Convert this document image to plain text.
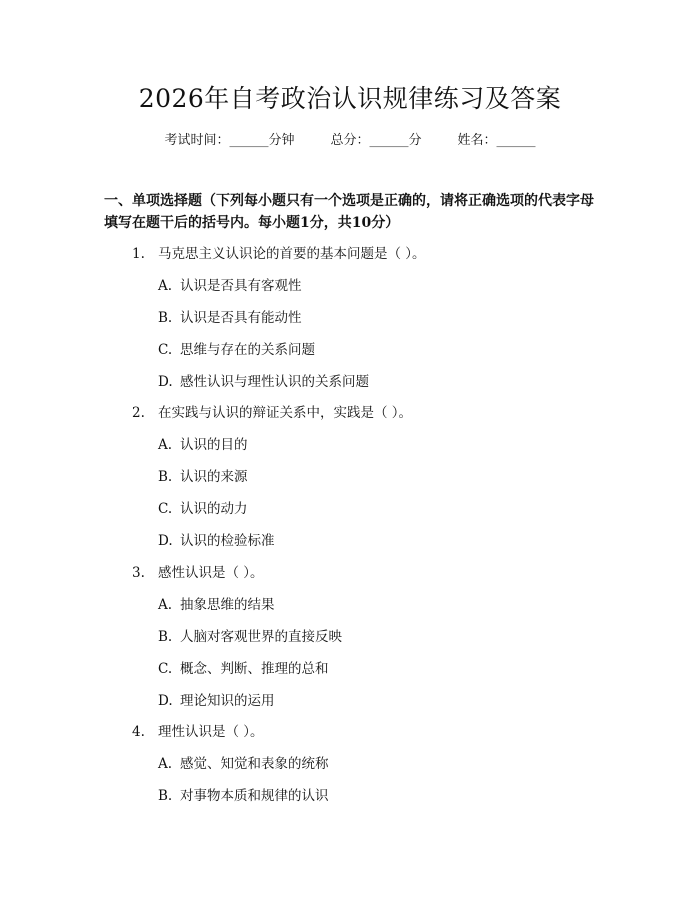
2026年自考政治认识规律练习及答案
考试时间：______分钟	总分：______分	姓名：______
一、单项选择题（下列每小题只有一个选项是正确的，请将正确选项的代表字母填写在题干后的括号内。每小题1分，共10分）
1. 马克思主义认识论的首要的基本问题是（ ）。
A. 认识是否具有客观性
B. 认识是否具有能动性
C. 思维与存在的关系问题
D. 感性认识与理性认识的关系问题
2. 在实践与认识的辩证关系中，实践是（ ）。
A. 认识的目的
B. 认识的来源
C. 认识的动力
D. 认识的检验标准
3. 感性认识是（ ）。
A. 抽象思维的结果
B. 人脑对客观世界的直接反映
C. 概念、判断、推理的总和
D. 理论知识的运用
4. 理性认识是（ ）。
A. 感觉、知觉和表象的统称
B. 对事物本质和规律的认识
